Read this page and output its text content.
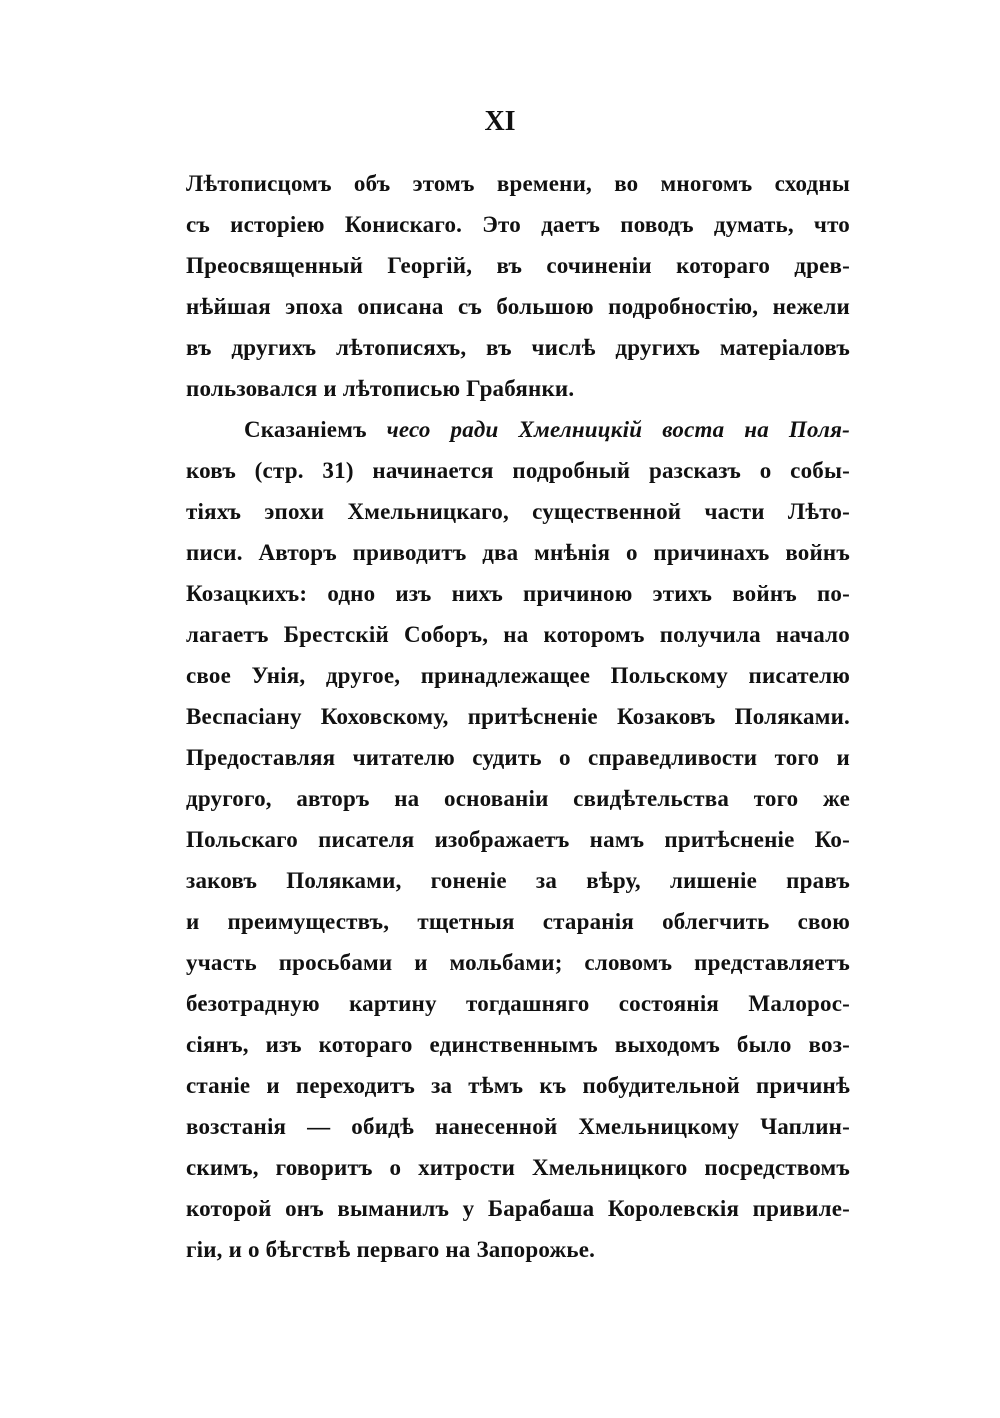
XI
Лѣтописцомъ объ этомъ времени, во многомъ сходны
съ исторіею Конискаго. Это даетъ поводъ думать, что
Преосвященный Георгій, въ сочиненіи котораго древ-
нѣйшая эпоха описана съ большою подробностію, нежели
въ другихъ лѣтописяхъ, въ числѣ другихъ матеріаловъ
пользовался и лѣтописью Грабянки.
Сказаніемъ чесо ради Хмелницкій воста на Поля-
ковъ (стр. 31) начинается подробный разсказъ о собы-
тіяхъ эпохи Хмельницкаго, существенной части Лѣто-
писи. Авторъ приводитъ два мнѣнія о причинахъ войнъ
Козацкихъ: одно изъ нихъ причиною этихъ войнъ по-
лагаетъ Брестскій Соборъ, на которомъ получила начало
свое Унія, другое, принадлежащее Польскому писателю
Веспасіану Коховскому, притѣсненіе Козаковъ Поляками.
Предоставляя читателю судить о справедливости того и
другого, авторъ на основаніи свидѣтельства того же
Польскаго писателя изображаетъ намъ притѣсненіе Ко-
заковъ Поляками, гоненіе за вѣру, лишеніе правъ
и преимуществъ, тщетныя старанія облегчить свою
участь просьбами и мольбами; словомъ представляетъ
безотрадную картину тогдашняго состоянія Малорос-
сіянъ, изъ котораго единственнымъ выходомъ было воз-
станіе и переходитъ за тѣмъ къ побудительной причинѣ
возстанія — обидѣ нанесенной Хмельницкому Чаплин-
скимъ, говоритъ о хитрости Хмельницкого посредствомъ
которой онъ выманилъ у Барабаша Королевскія привиле-
гіи, и о бѣгствѣ перваго на Запорожье.
